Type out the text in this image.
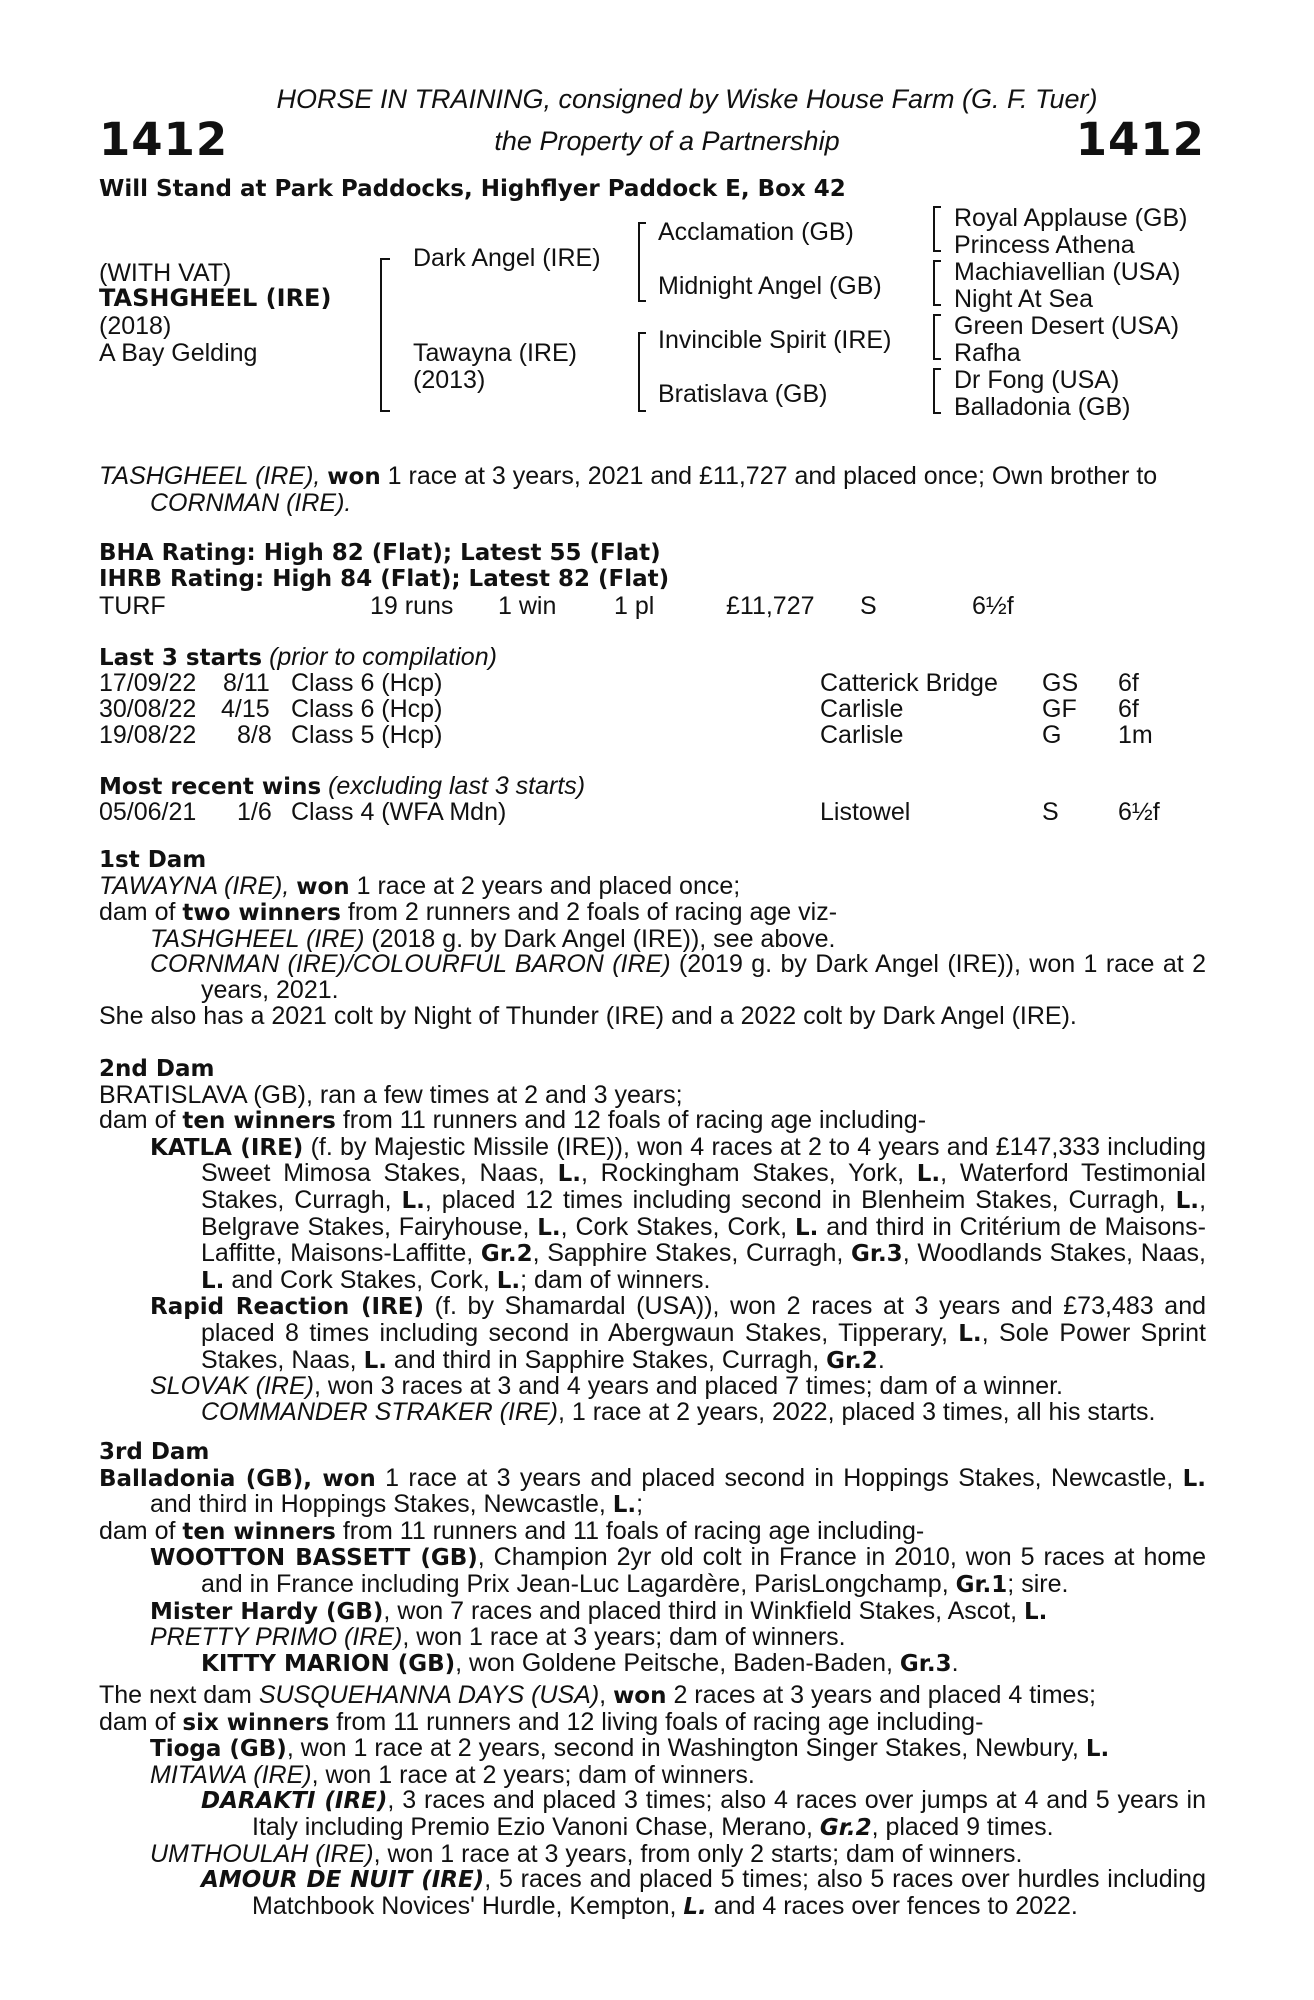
1412	1412
HORSE IN TRAINING, consigned by Wiske House Farm (G. F. Tuer)
the Property of a Partnership
Will Stand at Park Paddocks, Highflyer Paddock E, Box 42
(WITH VAT)
TASHGHEEL (IRE)
(2018)
A Bay Gelding
Dark Angel (IRE)
Tawayna (IRE)
(2013)
Acclamation (GB)
Midnight Angel (GB)
Invincible Spirit (IRE)
Bratislava (GB)
Royal Applause (GB)
Princess Athena
Machiavellian (USA)
Night At Sea
Green Desert (USA)
Rafha
Dr Fong (USA)
Balladonia (GB)

TASHGHEEL (IRE), won 1 race at 3 years, 2021 and £11,727 and placed once; Own brother to

CORNMAN (IRE).

BHA Rating: High 82 (Flat); Latest 55 (Flat)
IHRB Rating: High 84 (Flat); Latest 82 (Flat)
TURF	19 runs 1 win 1 pl	£11,727 S	6½f
Last 3 starts (prior to compilation)
17/09/22 8/11 Class 6 (Hcp)	Catterick Bridge GS 6f
30/08/22 4/15 Class 6 (Hcp)	Carlisle	GF 6f
19/08/22 8/8 Class 5 (Hcp)	Carlisle	G 1m
Most recent wins (excluding last 3 starts)
05/06/21 1/6 Class 4 (WFA Mdn)	Listowel	S 6½f

1st Dam

TAWAYNA (IRE), won 1 race at 2 years and placed once;

dam of two winners from 2 runners and 2 foals of racing age viz-

TASHGHEEL (IRE) (2018 g. by Dark Angel (IRE)), see above.

CORNMAN (IRE)/COLOURFUL BARON (IRE) (2019 g. by Dark Angel (IRE)), won 1 race at 2 years, 2021.

She also has a 2021 colt by Night of Thunder (IRE) and a 2022 colt by Dark Angel (IRE).

2nd Dam

BRATISLAVA (GB), ran a few times at 2 and 3 years;

dam of ten winners from 11 runners and 12 foals of racing age including-

KATLA (IRE) (f. by Majestic Missile (IRE)), won 4 races at 2 to 4 years and £147,333 including Sweet Mimosa Stakes, Naas, L., Rockingham Stakes, York, L., Waterford Testimonial Stakes, Curragh, L., placed 12 times including second in Blenheim Stakes, Curragh, L., Belgrave Stakes, Fairyhouse, L., Cork Stakes, Cork, L. and third in Critérium de Maisons-Laffitte, Maisons-Laffitte, Gr.2, Sapphire Stakes, Curragh, Gr.3, Woodlands Stakes, Naas, L. and Cork Stakes, Cork, L.; dam of winners.

Rapid Reaction (IRE) (f. by Shamardal (USA)), won 2 races at 3 years and £73,483 and placed 8 times including second in Abergwaun Stakes, Tipperary, L., Sole Power Sprint Stakes, Naas, L. and third in Sapphire Stakes, Curragh, Gr.2.

SLOVAK (IRE), won 3 races at 3 and 4 years and placed 7 times; dam of a winner.

COMMANDER STRAKER (IRE), 1 race at 2 years, 2022, placed 3 times, all his starts.

3rd Dam

Balladonia (GB), won 1 race at 3 years and placed second in Hoppings Stakes, Newcastle, L. and third in Hoppings Stakes, Newcastle, L.;

dam of ten winners from 11 runners and 11 foals of racing age including-

WOOTTON BASSETT (GB), Champion 2yr old colt in France in 2010, won 5 races at home and in France including Prix Jean-Luc Lagardère, ParisLongchamp, Gr.1; sire.

Mister Hardy (GB), won 7 races and placed third in Winkfield Stakes, Ascot, L.

PRETTY PRIMO (IRE), won 1 race at 3 years; dam of winners.

KITTY MARION (GB), won Goldene Peitsche, Baden-Baden, Gr.3.

The next dam SUSQUEHANNA DAYS (USA), won 2 races at 3 years and placed 4 times;

dam of six winners from 11 runners and 12 living foals of racing age including-

Tioga (GB), won 1 race at 2 years, second in Washington Singer Stakes, Newbury, L.

MITAWA (IRE), won 1 race at 2 years; dam of winners.

DARAKTI (IRE), 3 races and placed 3 times; also 4 races over jumps at 4 and 5 years in Italy including Premio Ezio Vanoni Chase, Merano, Gr.2, placed 9 times.

UMTHOULAH (IRE), won 1 race at 3 years, from only 2 starts; dam of winners.

AMOUR DE NUIT (IRE), 5 races and placed 5 times; also 5 races over hurdles including Matchbook Novices' Hurdle, Kempton, L. and 4 races over fences to 2022.
